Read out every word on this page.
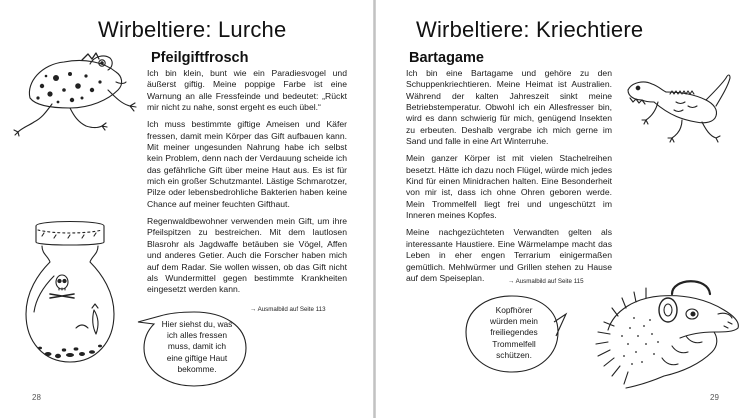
Wirbeltiere: Lurche
Pfeilgiftfrosch

Ich bin klein, bunt wie ein Paradiesvogel und äußerst giftig. Meine poppige Farbe ist eine Warnung an alle Fressfeinde und bedeutet: „Rückt mir nicht zu nahe, sonst ergeht es euch übel.“

Ich muss bestimmte giftige Ameisen und Käfer fressen, damit mein Körper das Gift aufbauen kann. Mit meiner ungesunden Nahrung habe ich selbst kein Problem, denn nach der Verdauung scheide ich das gefährliche Gift über meine Haut aus. Es ist für mich ein großer Schutzmantel. Lästige Schmarotzer, Pilze oder lebensbedrohliche Bakterien haben keine Chance auf meiner feuchten Gifthaut.

Regenwaldbewohner verwenden mein Gift, um ihre Pfeilspitzen zu bestreichen. Mit dem lautlosen Blasrohr als Jagdwaffe betäuben sie Vögel, Affen und anderes Getier. Auch die Forscher haben mich auf dem Radar. Sie wollen wissen, ob das Gift nicht als Wundermittel gegen bestimmte Krankheiten eingesetzt werden kann.

→ Ausmalbild auf Seite 113
Hier siehst du, was
ich alles fressen
muss, damit ich
eine giftige Haut
bekomme.
28
Wirbeltiere: Kriechtiere
Bartagame

Ich bin eine Bartagame und gehöre zu den Schuppenkriechtieren. Meine Heimat ist Australien. Während der kalten Jahreszeit sinkt meine Betriebstemperatur. Obwohl ich ein Allesfresser bin, wird es dann schwierig für mich, genügend Insekten zu erbeuten. Deshalb vergrabe ich mich gerne im Sand und falle in eine Art Winterruhe.

Mein ganzer Körper ist mit vielen Stachelreihen besetzt. Hätte ich dazu noch Flügel, würde mich jedes Kind für einen Minidrachen halten. Eine Besonderheit von mir ist, dass ich ohne Ohren geboren werde. Mein Trommelfell liegt frei und ungeschützt im Inneren meines Kopfes.

Meine nachgezüchteten Verwandten gelten als interessante Haustiere. Eine Wärmelampe macht das Leben in eher engen Terrarium einigermaßen gemütlich. Mehlwürmer und Grillen stehen zu Hause auf dem Speiseplan.	→ Ausmalbild auf Seite 115
Kopfhörer
würden mein
freiliegendes
Trommelfell
schützen.
29
